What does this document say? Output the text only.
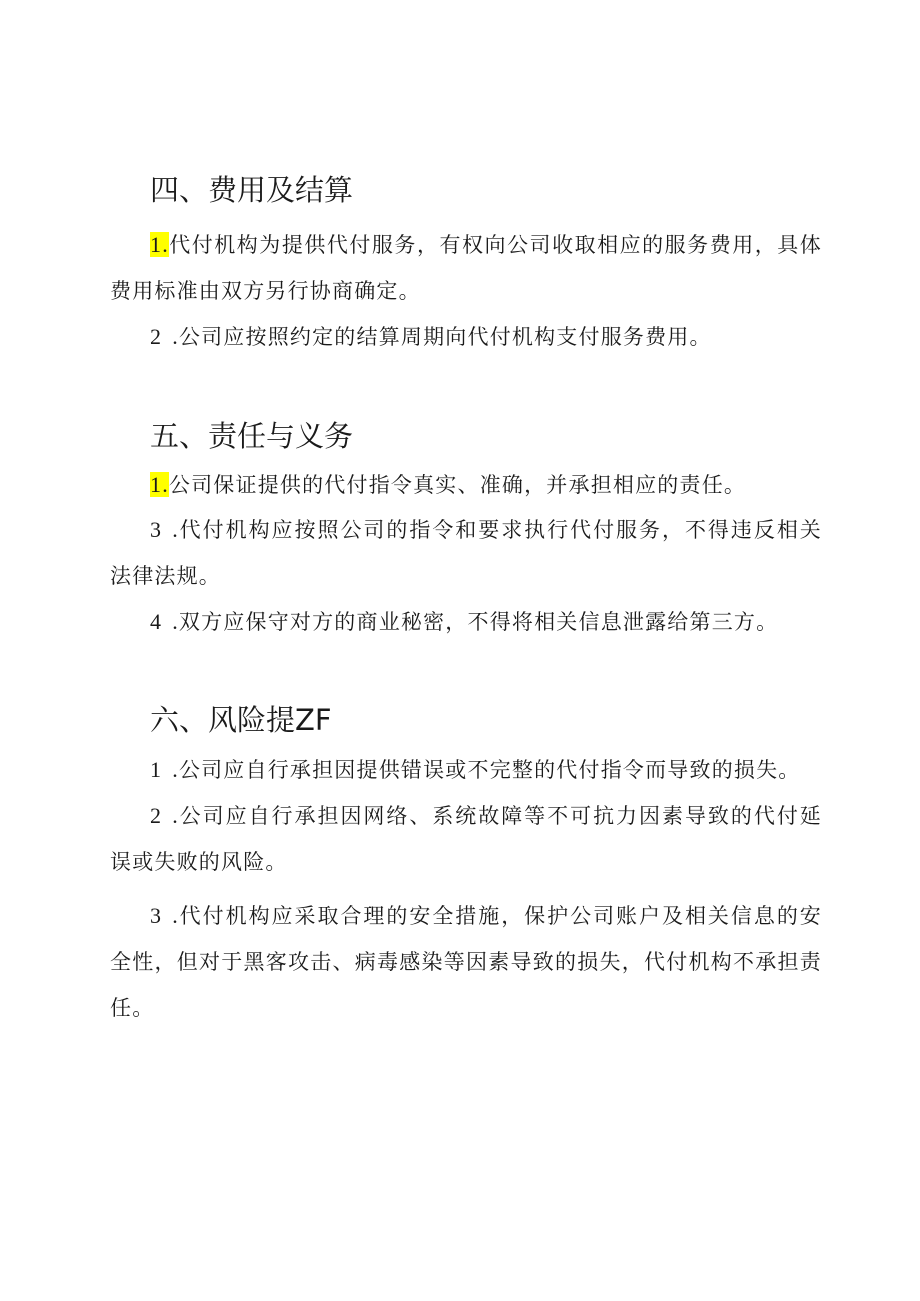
四、费用及结算

1.代付机构为提供代付服务，有权向公司收取相应的服务费用，具体费用标准由双方另行协商确定。

2 .公司应按照约定的结算周期向代付机构支付服务费用。

五、责任与义务

1.公司保证提供的代付指令真实、准确，并承担相应的责任。

3 .代付机构应按照公司的指令和要求执行代付服务，不得违反相关法律法规。

4 .双方应保守对方的商业秘密，不得将相关信息泄露给第三方。

六、风险提ZF

1 .公司应自行承担因提供错误或不完整的代付指令而导致的损失。

2 .公司应自行承担因网络、系统故障等不可抗力因素导致的代付延误或失败的风险。

3 .代付机构应采取合理的安全措施，保护公司账户及相关信息的安全性，但对于黑客攻击、病毒感染等因素导致的损失，代付机构不承担责任。
